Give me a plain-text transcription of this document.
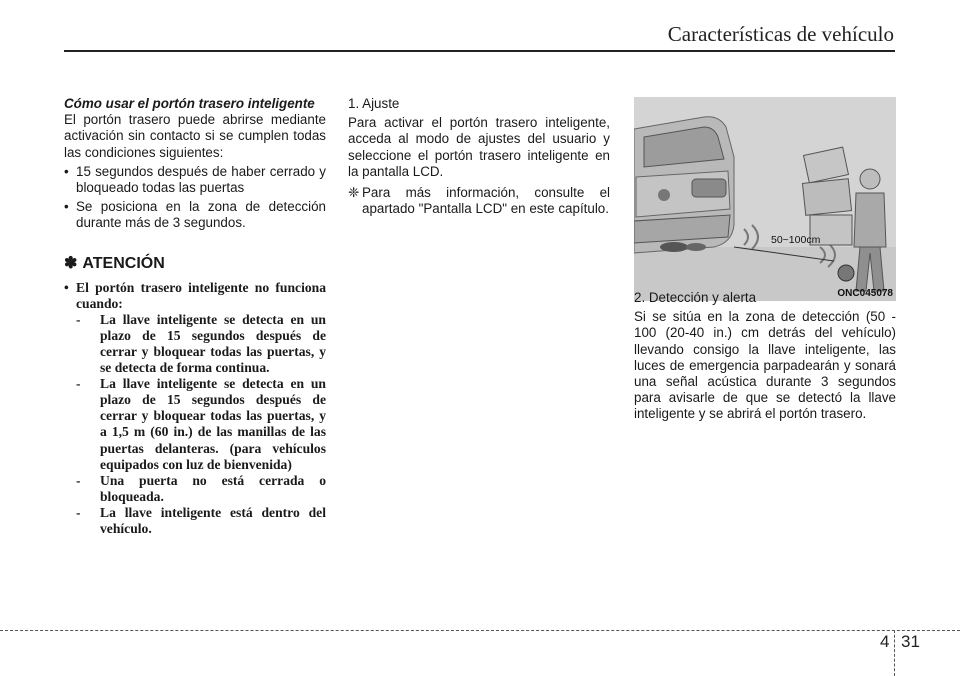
Características de vehículo

Cómo usar el portón trasero inteligente

El portón trasero puede abrirse mediante activación sin contacto si se cumplen todas las condiciones siguientes:

• 15 segundos después de haber cerrado y bloqueado todas las puertas
• Se posiciona en la zona de detección durante más de 3 segundos.
✽ ATENCIÓN
• El portón trasero inteligente no funciona cuando:
-	La llave inteligente se detecta en un plazo de 15 segundos después de cerrar y bloquear todas las puertas, y se detecta de forma continua.
-	La llave inteligente se detecta en un plazo de 15 segundos después de cerrar y bloquear todas las puertas, y a 1,5 m (60 in.) de las manillas de las puertas delanteras. (para vehículos equipados con luz de bienvenida)
-	Una puerta no está cerrada o bloqueada.
-	La llave inteligente está dentro del vehículo.

1. Ajuste

Para activar el portón trasero inteligente, acceda al modo de ajustes del usuario y seleccione el portón trasero inteligente en la pantalla LCD.

❈ Para más información, consulte el apartado "Pantalla LCD" en este capítulo.
50~100cm
ONC045078

2. Detección y alerta

Si se sitúa en la zona de detección (50 - 100 (20-40 in.) cm detrás del vehículo) llevando consigo la llave inteligente, las luces de emergencia parpadearán y sonará una señal acústica durante 3 segundos para avisarle de que se detectó la llave inteligente y se abrirá el portón trasero.

4 31
